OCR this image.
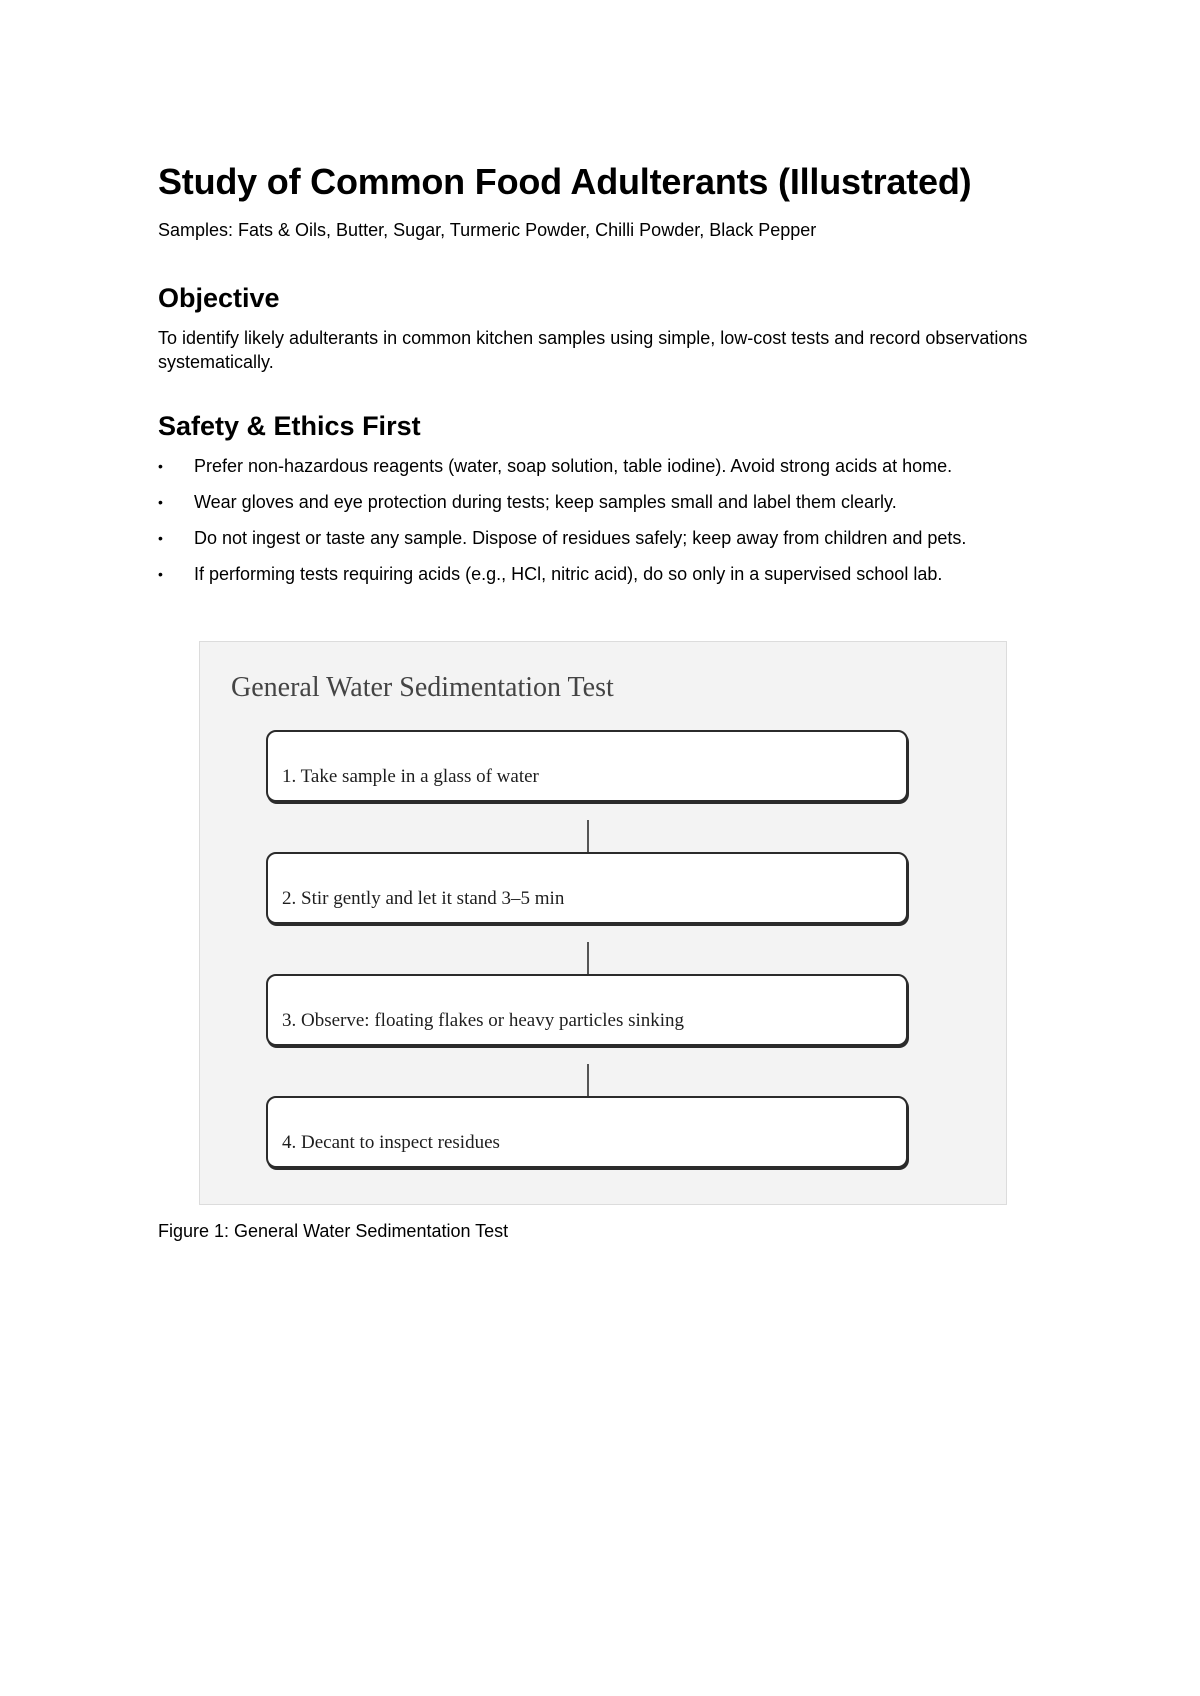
Study of Common Food Adulterants (Illustrated)

Samples: Fats & Oils, Butter, Sugar, Turmeric Powder, Chilli Powder, Black Pepper

Objective

To identify likely adulterants in common kitchen samples using simple, low-cost tests and record observations systematically.

Safety & Ethics First
•	Prefer non-hazardous reagents (water, soap solution, table iodine). Avoid strong acids at home.
•	Wear gloves and eye protection during tests; keep samples small and label them clearly.
•	Do not ingest or taste any sample. Dispose of residues safely; keep away from children and pets.
•	If performing tests requiring acids (e.g., HCl, nitric acid), do so only in a supervised school lab.

General Water Sedimentation Test

1. Take sample in a glass of water
2. Stir gently and let it stand 3–5 min
3. Observe: floating flakes or heavy particles sinking
4. Decant to inspect residues

Figure 1: General Water Sedimentation Test
